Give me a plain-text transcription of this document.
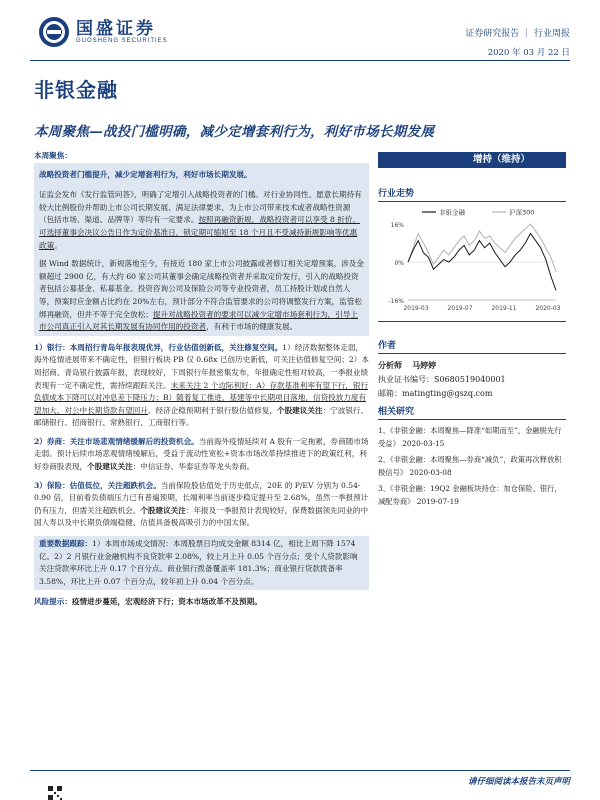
国盛证券
GUOSHENG SECURITIES
证券研究报告 ｜ 行业周报
2020 年 03 月 22 日
非银金融
本周聚焦—战投门槛明确，减少定增套利行为，利好市场长期发展
增持（维持）

本周聚焦：

战略投资者门槛提升，减少定增套利行为，利好市场长期发展。

证监会发布《发行监管问答》，明确了定增引入战略投资者的门槛。对行业协同性、愿意长期持有较大比例股份并帮助上市公司长期发展、满足法律要求、为上市公司带来技术或者战略性资源（包括市场、渠道、品牌等）等均有一定要求。按照再融资新规，战略投资者可以享受 8 折价、可选择董事会决议公告日作为定价基准日，锁定期可缩短至 18 个月且不受减持新规影响等优惠政策。

据 Wind 数据统计，新规落地至今，有接近 180 家上市公司披露或者修订相关定增预案，涉及金额超过 2900 亿，有大约 60 家公司其董事会确定战略投资者并采取定价发行，引入的战略投资者包括公募基金、私募基金、投资咨询公司及保险公司等专业投资者，员工持股计划或自然人等，预案时应金额占比约在 20%左右，预计部分不符合监管要求的公司将调整发行方案，监管松绑再融资，但并不等于完全放松；提升对战略投资者的要求可以减少定增市场套利行为，引导上市公司真正引入对其长期发展有协同作用的投资者，有利于市场的健康发展。

1）银行：本周招行青岛年报表现优异，行业估值创新低，关注修复空间。1）经济数据整体走弱，海外疫情进展带来不确定性，但银行板块 PB 仅 0.68x 已创历史新低，可关注估值修复空间；2）本周招商、青岛银行披露年报，表现较好，下周银行年报密集发布，年报确定性相对较高，一季报业绩表现有一定不确定性，需持续跟踪关注。未来关注 2 个边际利好：A）存款基准利率有望下行，银行负债成本下降可以对冲息差下降压力；B）随着复工推进，基建等中长期项目落地，信贷投放力度有望加大，对公中长期贷款有望回升。经济企稳预期利于银行股估值修复，个股建议关注：宁波银行、邮储银行、招商银行、常熟银行、工商银行等。

2）券商：关注市场悲观情绪缓解后的投资机会。当前海外疫情延续对 A 股有一定拖累，券商随市场走弱。预计后续市场悲观情绪缓解后，受益于流动性宽松+资本市场改革持续推进下的政策红利，利好券商股表现，个股建议关注：中信证券、华泰证券等龙头券商。

3）保险：估值低位，关注超跌机会。当前保险股估值处于历史低点，20E 的 P/EV 分别为 0.54-0.90 倍，目前看负债端压力已有普遍预期，长端利率当前逐步稳定提升至 2.68%，虽然一季报预计仍有压力，但需关注超跌机会。个股建议关注：年报及一季报预计表现较好，保费数据领先同业的中国人寿以及中长期负债端稳健、估值具备极高吸引力的中国太保。

重要数据跟踪：1）本周市场成交情况：本周股票日均成交金额 8314 亿，相比上周下降 1574 亿。2）2 月银行业金融机构不良贷款率 2.08%，较上月上升 0.05 个百分点；受个人贷款影响关注贷款率环比上升 0.17 个百分点。商业银行拨备覆盖率 181.3%；商业银行贷款拨备率 3.58%，环比上升 0.07 个百分点，较年初上升 0.04 个百分点。

风险提示：疫情进步蔓延，宏观经济下行；资本市场改革不及预期。

行业走势
16%
0%
-16%
2019-03	2019-07	2019-11	2020-03
非银金融	沪深300
作者
分析师 马婷婷
执业证书编号：S0680519040001
邮箱：matingting@gszq.com
相关研究
1、《非银金融：本周聚焦—降准“如期而至”，金融脱先行受益》 2020-03-15
2、《非银金融：本周聚焦—券商“减负”，政策再次释放积极信号》 2020-03-08
3、《非银金融：19Q2 金融板块持仓：加仓保险、银行，减配券商》 2019-07-19
请仔细阅读本报告末页声明
